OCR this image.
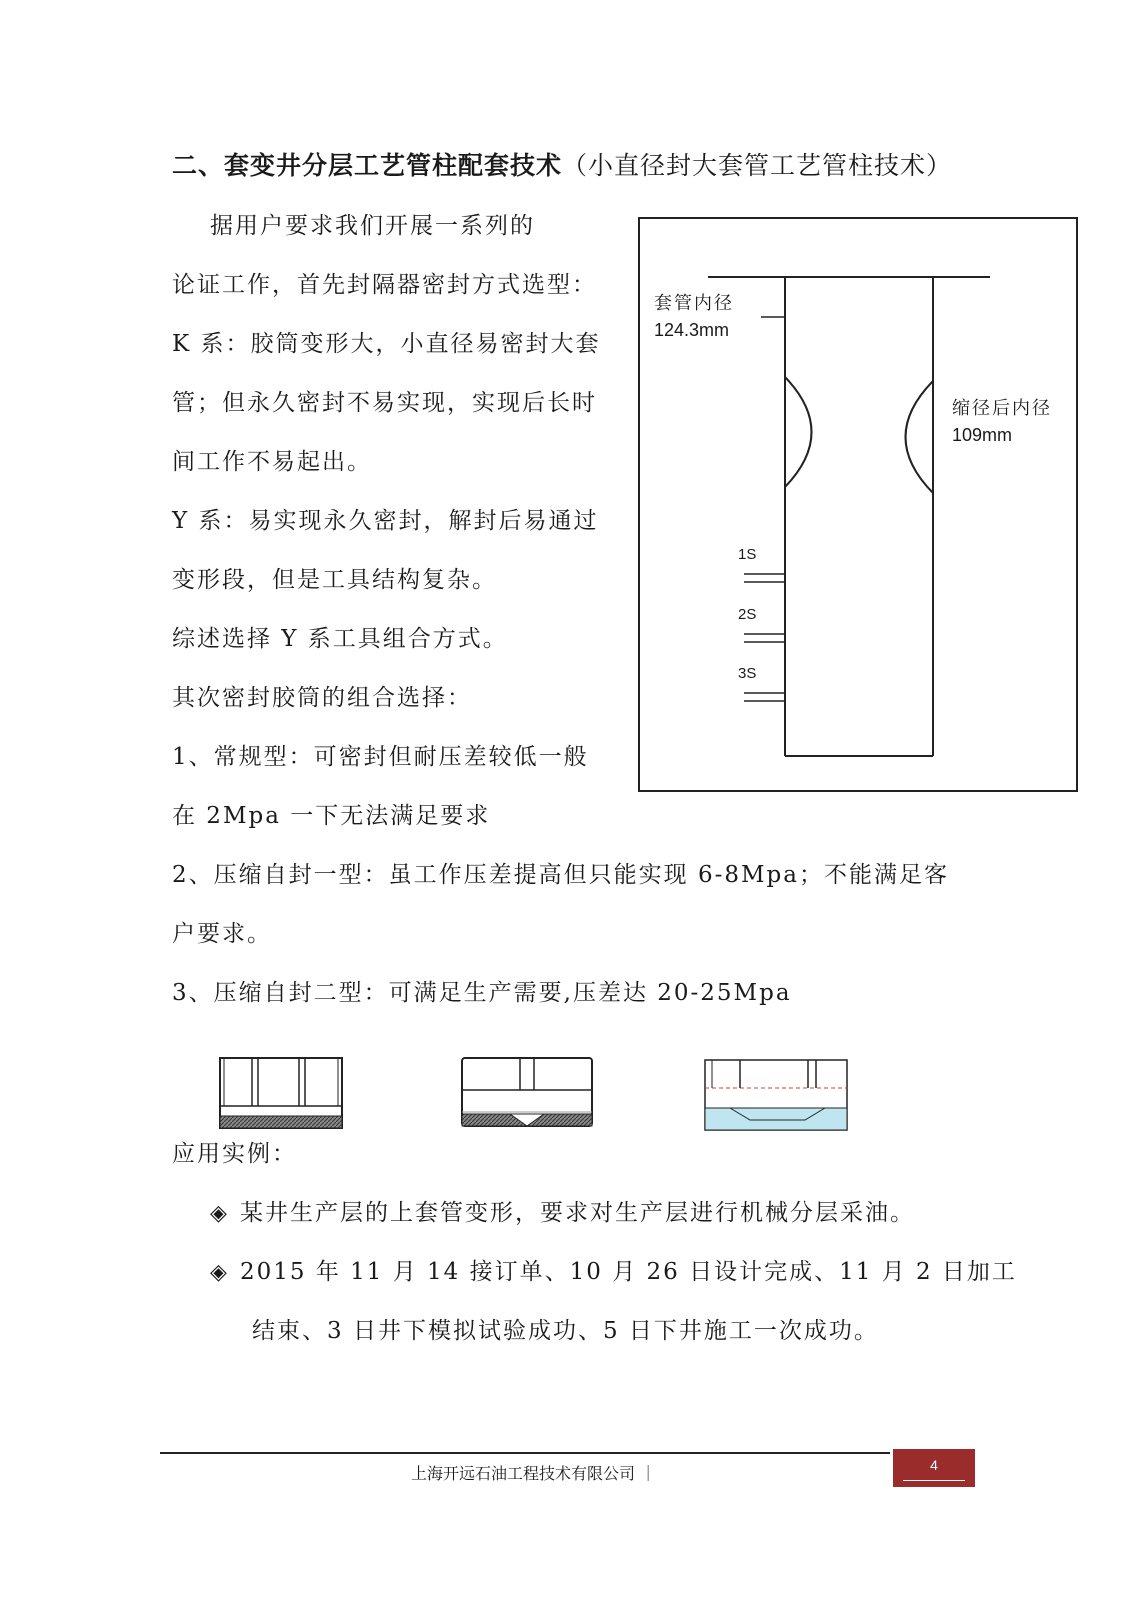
二、套变井分层工艺管柱配套技术（小直径封大套管工艺管柱技术）
据用户要求我们开展一系列的
论证工作，首先封隔器密封方式选型：
K 系：胶筒变形大，小直径易密封大套
管；但永久密封不易实现，实现后长时
间工作不易起出。
Y 系：易实现永久密封，解封后易通过
变形段，但是工具结构复杂。
综述选择 Y 系工具组合方式。
其次密封胶筒的组合选择：
1、常规型：可密封但耐压差较低一般
在 2Mpa 一下无法满足要求
2、压缩自封一型：虽工作压差提高但只能实现 6-8Mpa；不能满足客
户要求。
3、压缩自封二型：可满足生产需要,压差达 20-25Mpa
套管内径
124.3mm
缩径后内径
109mm
1S
2S
3S
应用实例：
◈ 某井生产层的上套管变形，要求对生产层进行机械分层采油。
◈ 2015 年 11 月 14 接订单、10 月 26 日设计完成、11 月 2 日加工
结束、3 日井下模拟试验成功、5 日下井施工一次成功。
上海开远石油工程技术有限公司 ｜	4
